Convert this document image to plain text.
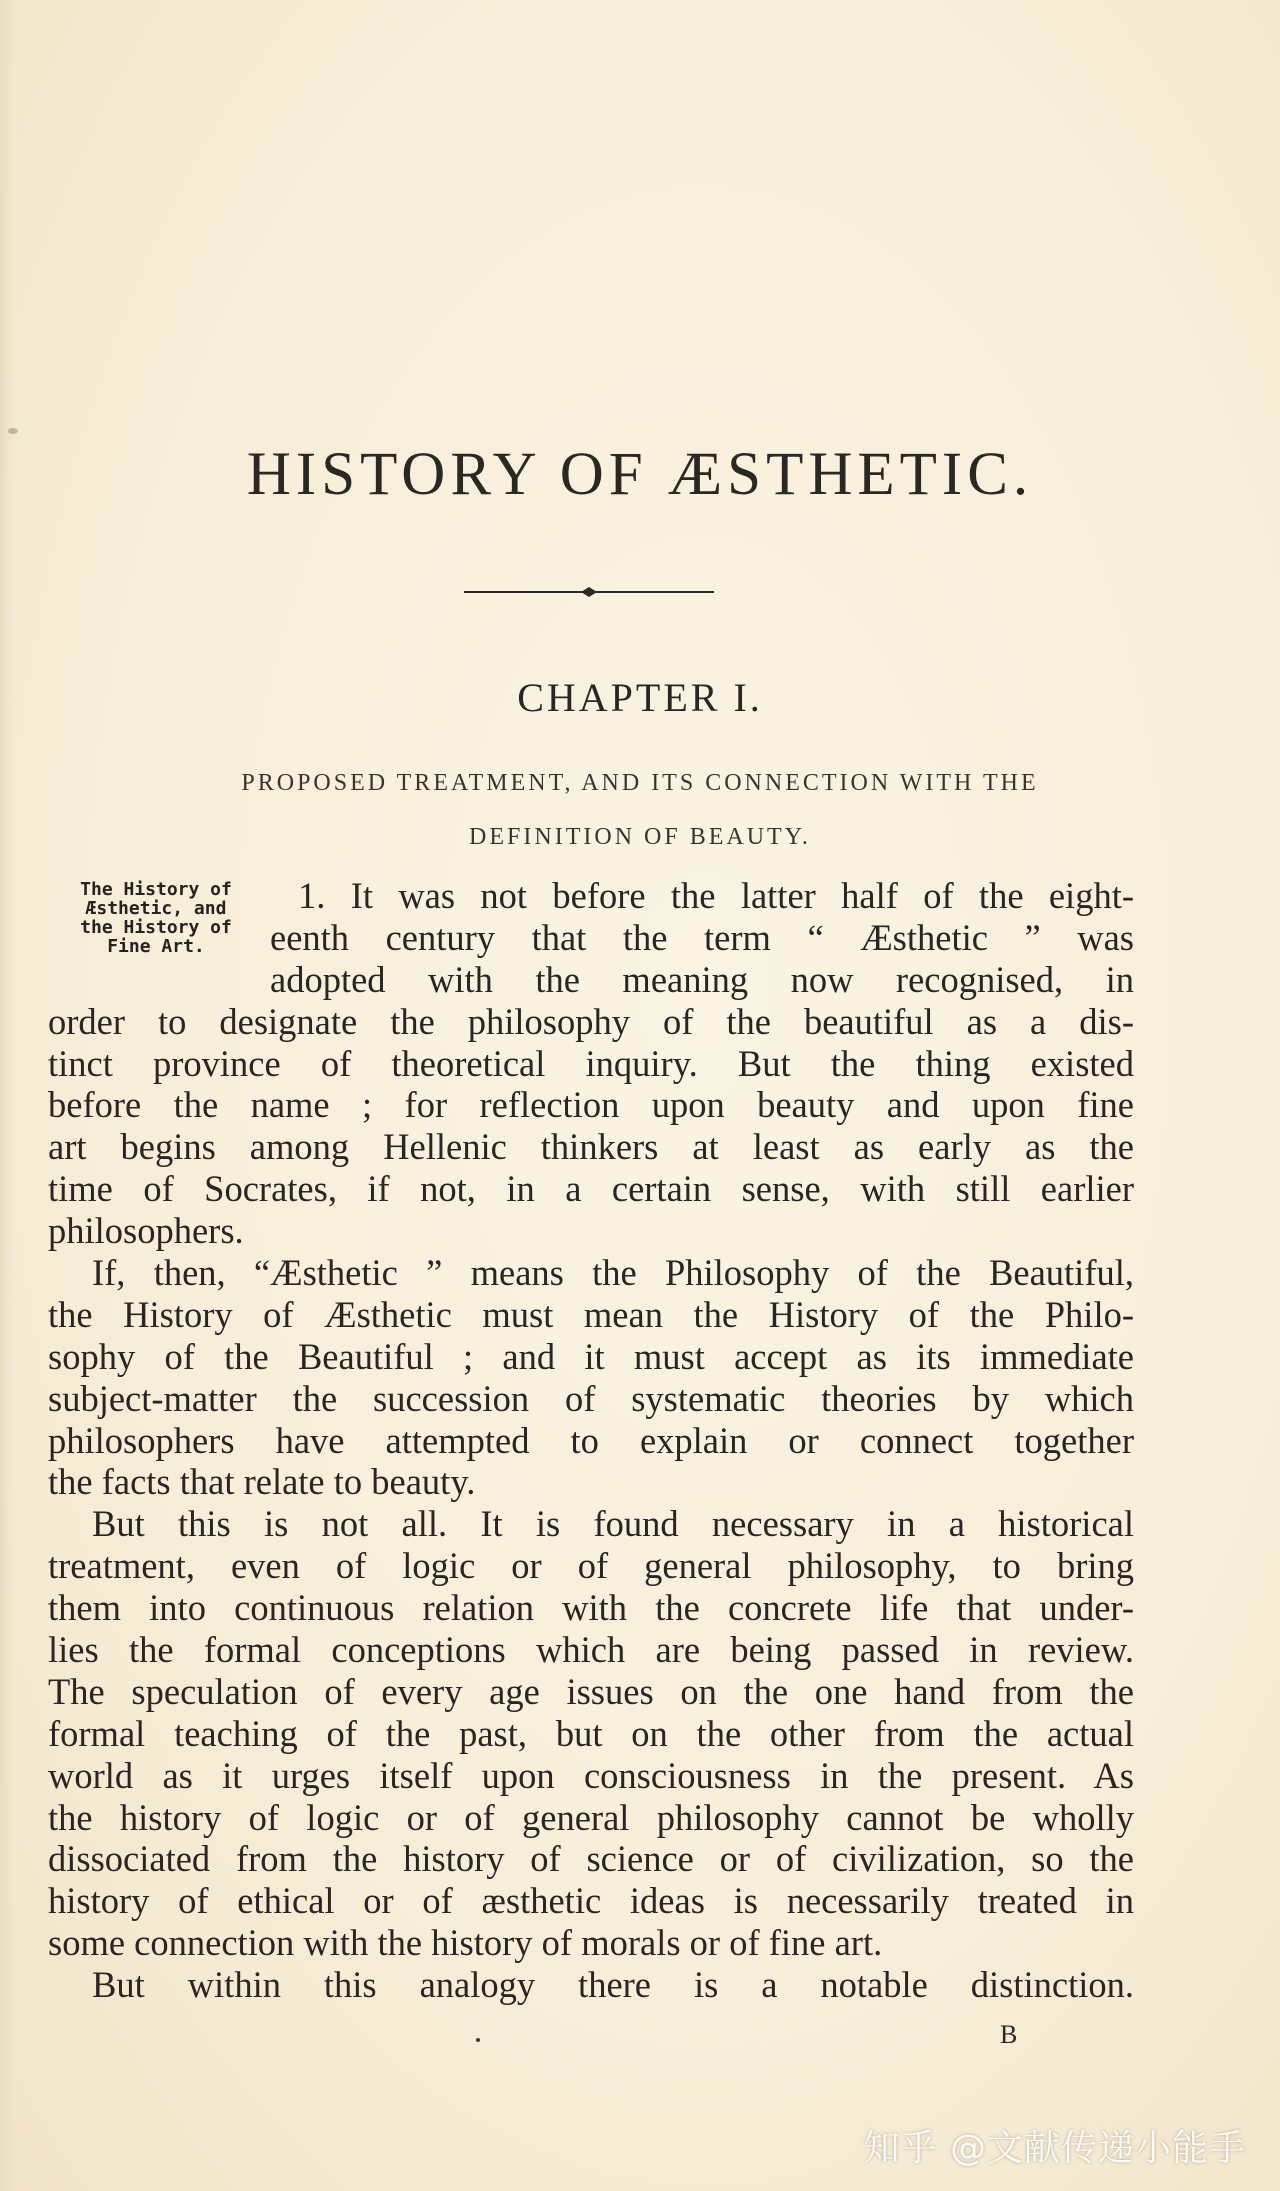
HISTORY OF ÆSTHETIC.
CHAPTER I.
PROPOSED TREATMENT, AND ITS CONNECTION WITH THE
DEFINITION OF BEAUTY.
The History of
Æsthetic, and
the History of
Fine Art.
1. It was not before the latter half of the eight-
eenth century that the term “ Æsthetic ” was
adopted with the meaning now recognised, in
order to designate the philosophy of the beautiful as a dis-
tinct province of theoretical inquiry. But the thing existed
before the name ; for reflection upon beauty and upon fine
art begins among Hellenic thinkers at least as early as the
time of Socrates, if not, in a certain sense, with still earlier
philosophers.
If, then, “Æsthetic ” means the Philosophy of the Beautiful,
the History of Æsthetic must mean the History of the Philo-
sophy of the Beautiful ; and it must accept as its immediate
subject-matter the succession of systematic theories by which
philosophers have attempted to explain or connect together
the facts that relate to beauty.
But this is not all. It is found necessary in a historical
treatment, even of logic or of general philosophy, to bring
them into continuous relation with the concrete life that under-
lies the formal conceptions which are being passed in review.
The speculation of every age issues on the one hand from the
formal teaching of the past, but on the other from the actual
world as it urges itself upon consciousness in the present. As
the history of logic or of general philosophy cannot be wholly
dissociated from the history of science or of civilization, so the
history of ethical or of æsthetic ideas is necessarily treated in
some connection with the history of morals or of fine art.
But within this analogy there is a notable distinction.
B
知乎 @文献传递小能手
